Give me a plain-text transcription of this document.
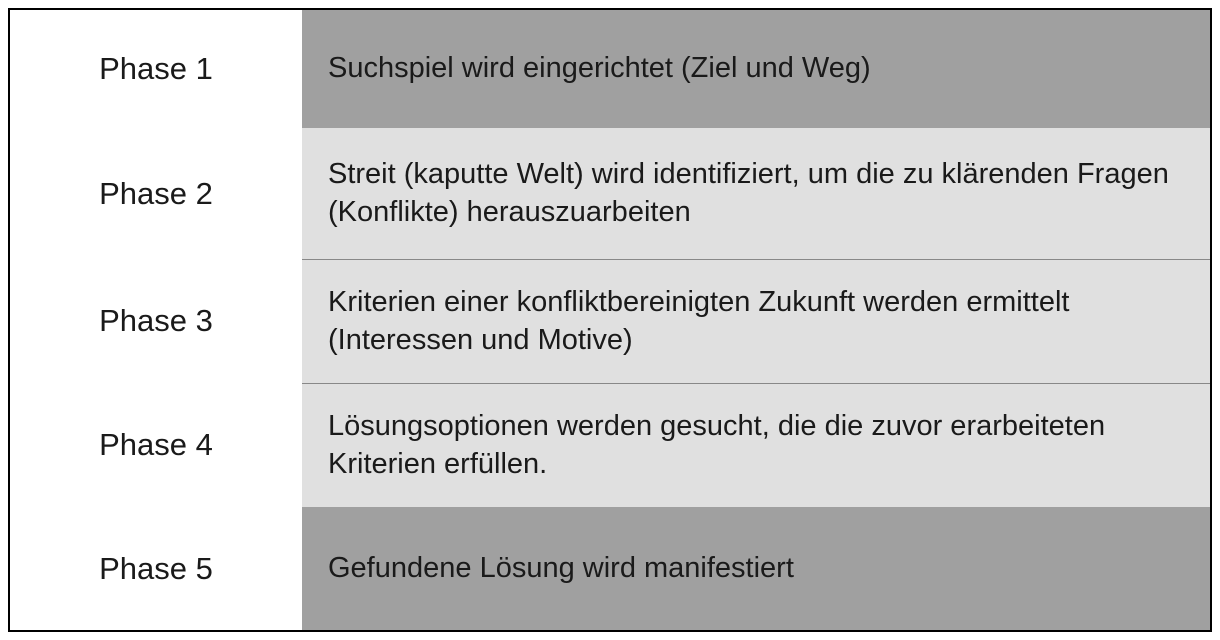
Phase 1
Phase 2
Phase 3
Phase 4
Phase 5
Suchspiel wird eingerichtet (Ziel und Weg)
Streit (kaputte Welt) wird identifiziert, um die zu klärenden Fragen (Konflikte) herauszuarbeiten
Kriterien einer konfliktbereinigten Zukunft werden ermittelt (Interessen und Motive)
Lösungsoptionen werden gesucht, die die zuvor erarbeiteten Kriterien erfüllen.
Gefundene Lösung wird manifestiert
